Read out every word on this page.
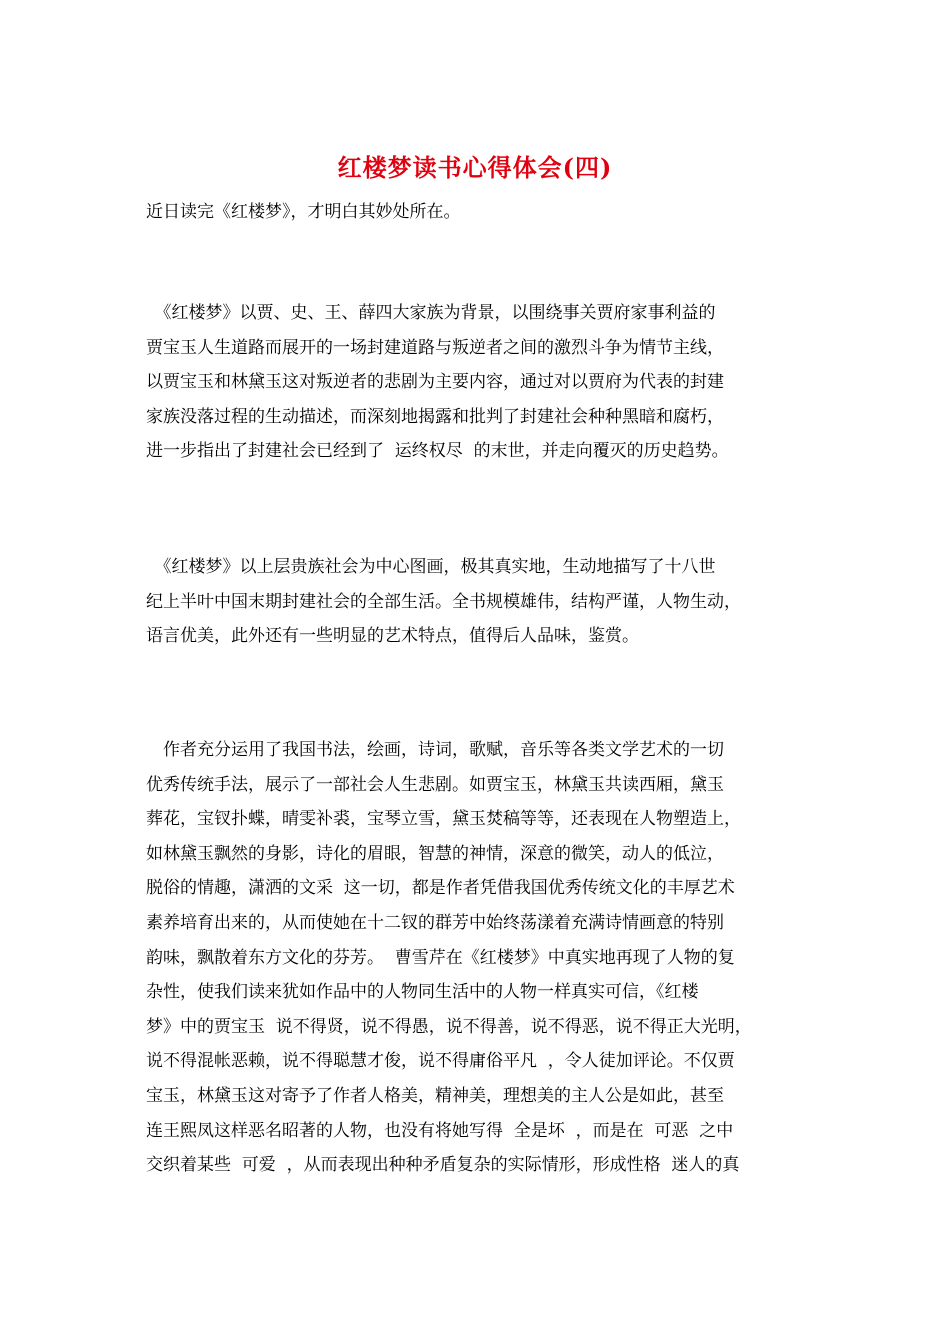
红楼梦读书心得体会(四)
近日读完《红楼梦》，才明白其妙处所在。
　《红楼梦》以贾、史、王、薛四大家族为背景，以围绕事关贾府家事利益的
贾宝玉人生道路而展开的一场封建道路与叛逆者之间的激烈斗争为情节主线，
以贾宝玉和林黛玉这对叛逆者的悲剧为主要内容，通过对以贾府为代表的封建
家族没落过程的生动描述，而深刻地揭露和批判了封建社会种种黑暗和腐朽，
进一步指出了封建社会已经到了  运终权尽  的末世，并走向覆灭的历史趋势。
　《红楼梦》以上层贵族社会为中心图画，极其真实地，生动地描写了十八世
纪上半叶中国末期封建社会的全部生活。全书规模雄伟，结构严谨，人物生动，
语言优美，此外还有一些明显的艺术特点，值得后人品味，鉴赏。
　作者充分运用了我国书法，绘画，诗词，歌赋，音乐等各类文学艺术的一切
优秀传统手法，展示了一部社会人生悲剧。如贾宝玉，林黛玉共读西厢，黛玉
葬花，宝钗扑蝶，晴雯补裘，宝琴立雪，黛玉焚稿等等，还表现在人物塑造上，
如林黛玉飘然的身影，诗化的眉眼，智慧的神情，深意的微笑，动人的低泣，
脱俗的情趣，潇洒的文采  这一切，都是作者凭借我国优秀传统文化的丰厚艺术
素养培育出来的，从而使她在十二钗的群芳中始终荡漾着充满诗情画意的特别
韵味，飘散着东方文化的芬芳。  曹雪芹在《红楼梦》中真实地再现了人物的复
杂性，使我们读来犹如作品中的人物同生活中的人物一样真实可信，《红楼
梦》中的贾宝玉  说不得贤，说不得愚，说不得善，说不得恶，说不得正大光明，
说不得混帐恶赖，说不得聪慧才俊，说不得庸俗平凡  ，令人徒加评论。不仅贾
宝玉，林黛玉这对寄予了作者人格美，精神美，理想美的主人公是如此，甚至
连王熙凤这样恶名昭著的人物，也没有将她写得  全是坏  ，而是在  可恶  之中
交织着某些  可爱  ，从而表现出种种矛盾复杂的实际情形，形成性格  迷人的真
